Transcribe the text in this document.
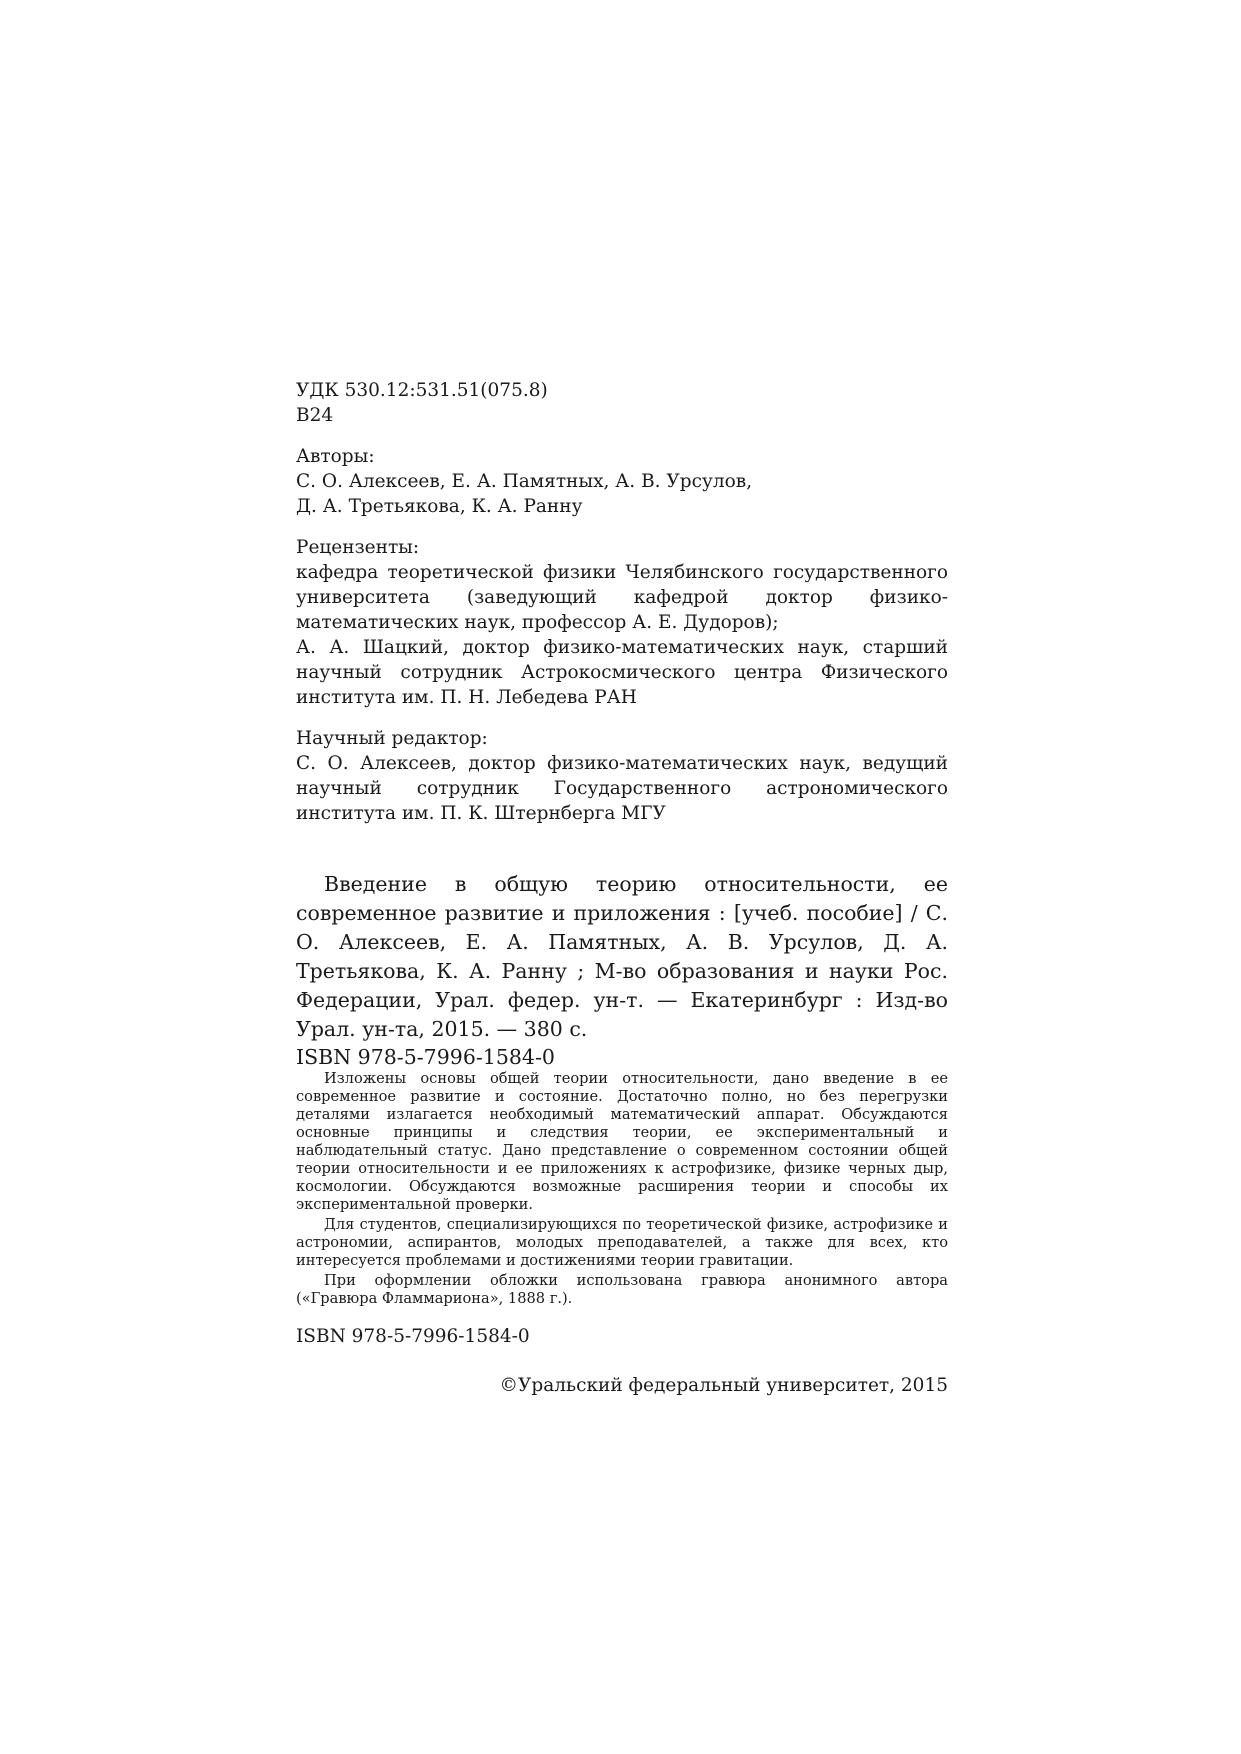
УДК 530.12:531.51(075.8)
В24
Авторы:
С. О. Алексеев, Е. А. Памятных, А. В. Урсулов,
Д. А. Третьякова, К. А. Ранну
Рецензенты:
кафедра теоретической физики Челябинского государственного университета (заведующий кафедрой доктор физико-математических наук, профессор А. Е. Дудоров);
А. А. Шацкий, доктор физико-математических наук, старший научный сотрудник Астрокосмического центра Физического института им. П. Н. Лебедева РАН
Научный редактор:
С. О. Алексеев, доктор физико-математических наук, ведущий научный сотрудник Государственного астрономического института им. П. К. Штернберга МГУ
Введение в общую теорию относительности, ее современное развитие и приложения : [учеб. пособие] / С. О. Алексеев, Е. А. Памятных, А. В. Урсулов, Д. А. Третьякова, К. А. Ранну ; М-во образования и науки Рос. Федерации, Урал. федер. ун-т. — Екатеринбург : Изд-во Урал. ун-та, 2015. — 380 с.
ISBN 978-5-7996-1584-0
Изложены основы общей теории относительности, дано введение в ее современное развитие и состояние. Достаточно полно, но без перегрузки деталями излагается необходимый математический аппарат. Обсуждаются основные принципы и следствия теории, ее экспериментальный и наблюдательный статус. Дано представление о современном состоянии общей теории относительности и ее приложениях к астрофизике, физике черных дыр, космологии. Обсуждаются возможные расширения теории и способы их экспериментальной проверки.
Для студентов, специализирующихся по теоретической физике, астрофизике и астрономии, аспирантов, молодых преподавателей, а также для всех, кто интересуется проблемами и достижениями теории гравитации.
При оформлении обложки использована гравюра анонимного автора («Гравюра Фламмариона», 1888 г.).
ISBN 978-5-7996-1584-0
©Уральский федеральный университет, 2015
